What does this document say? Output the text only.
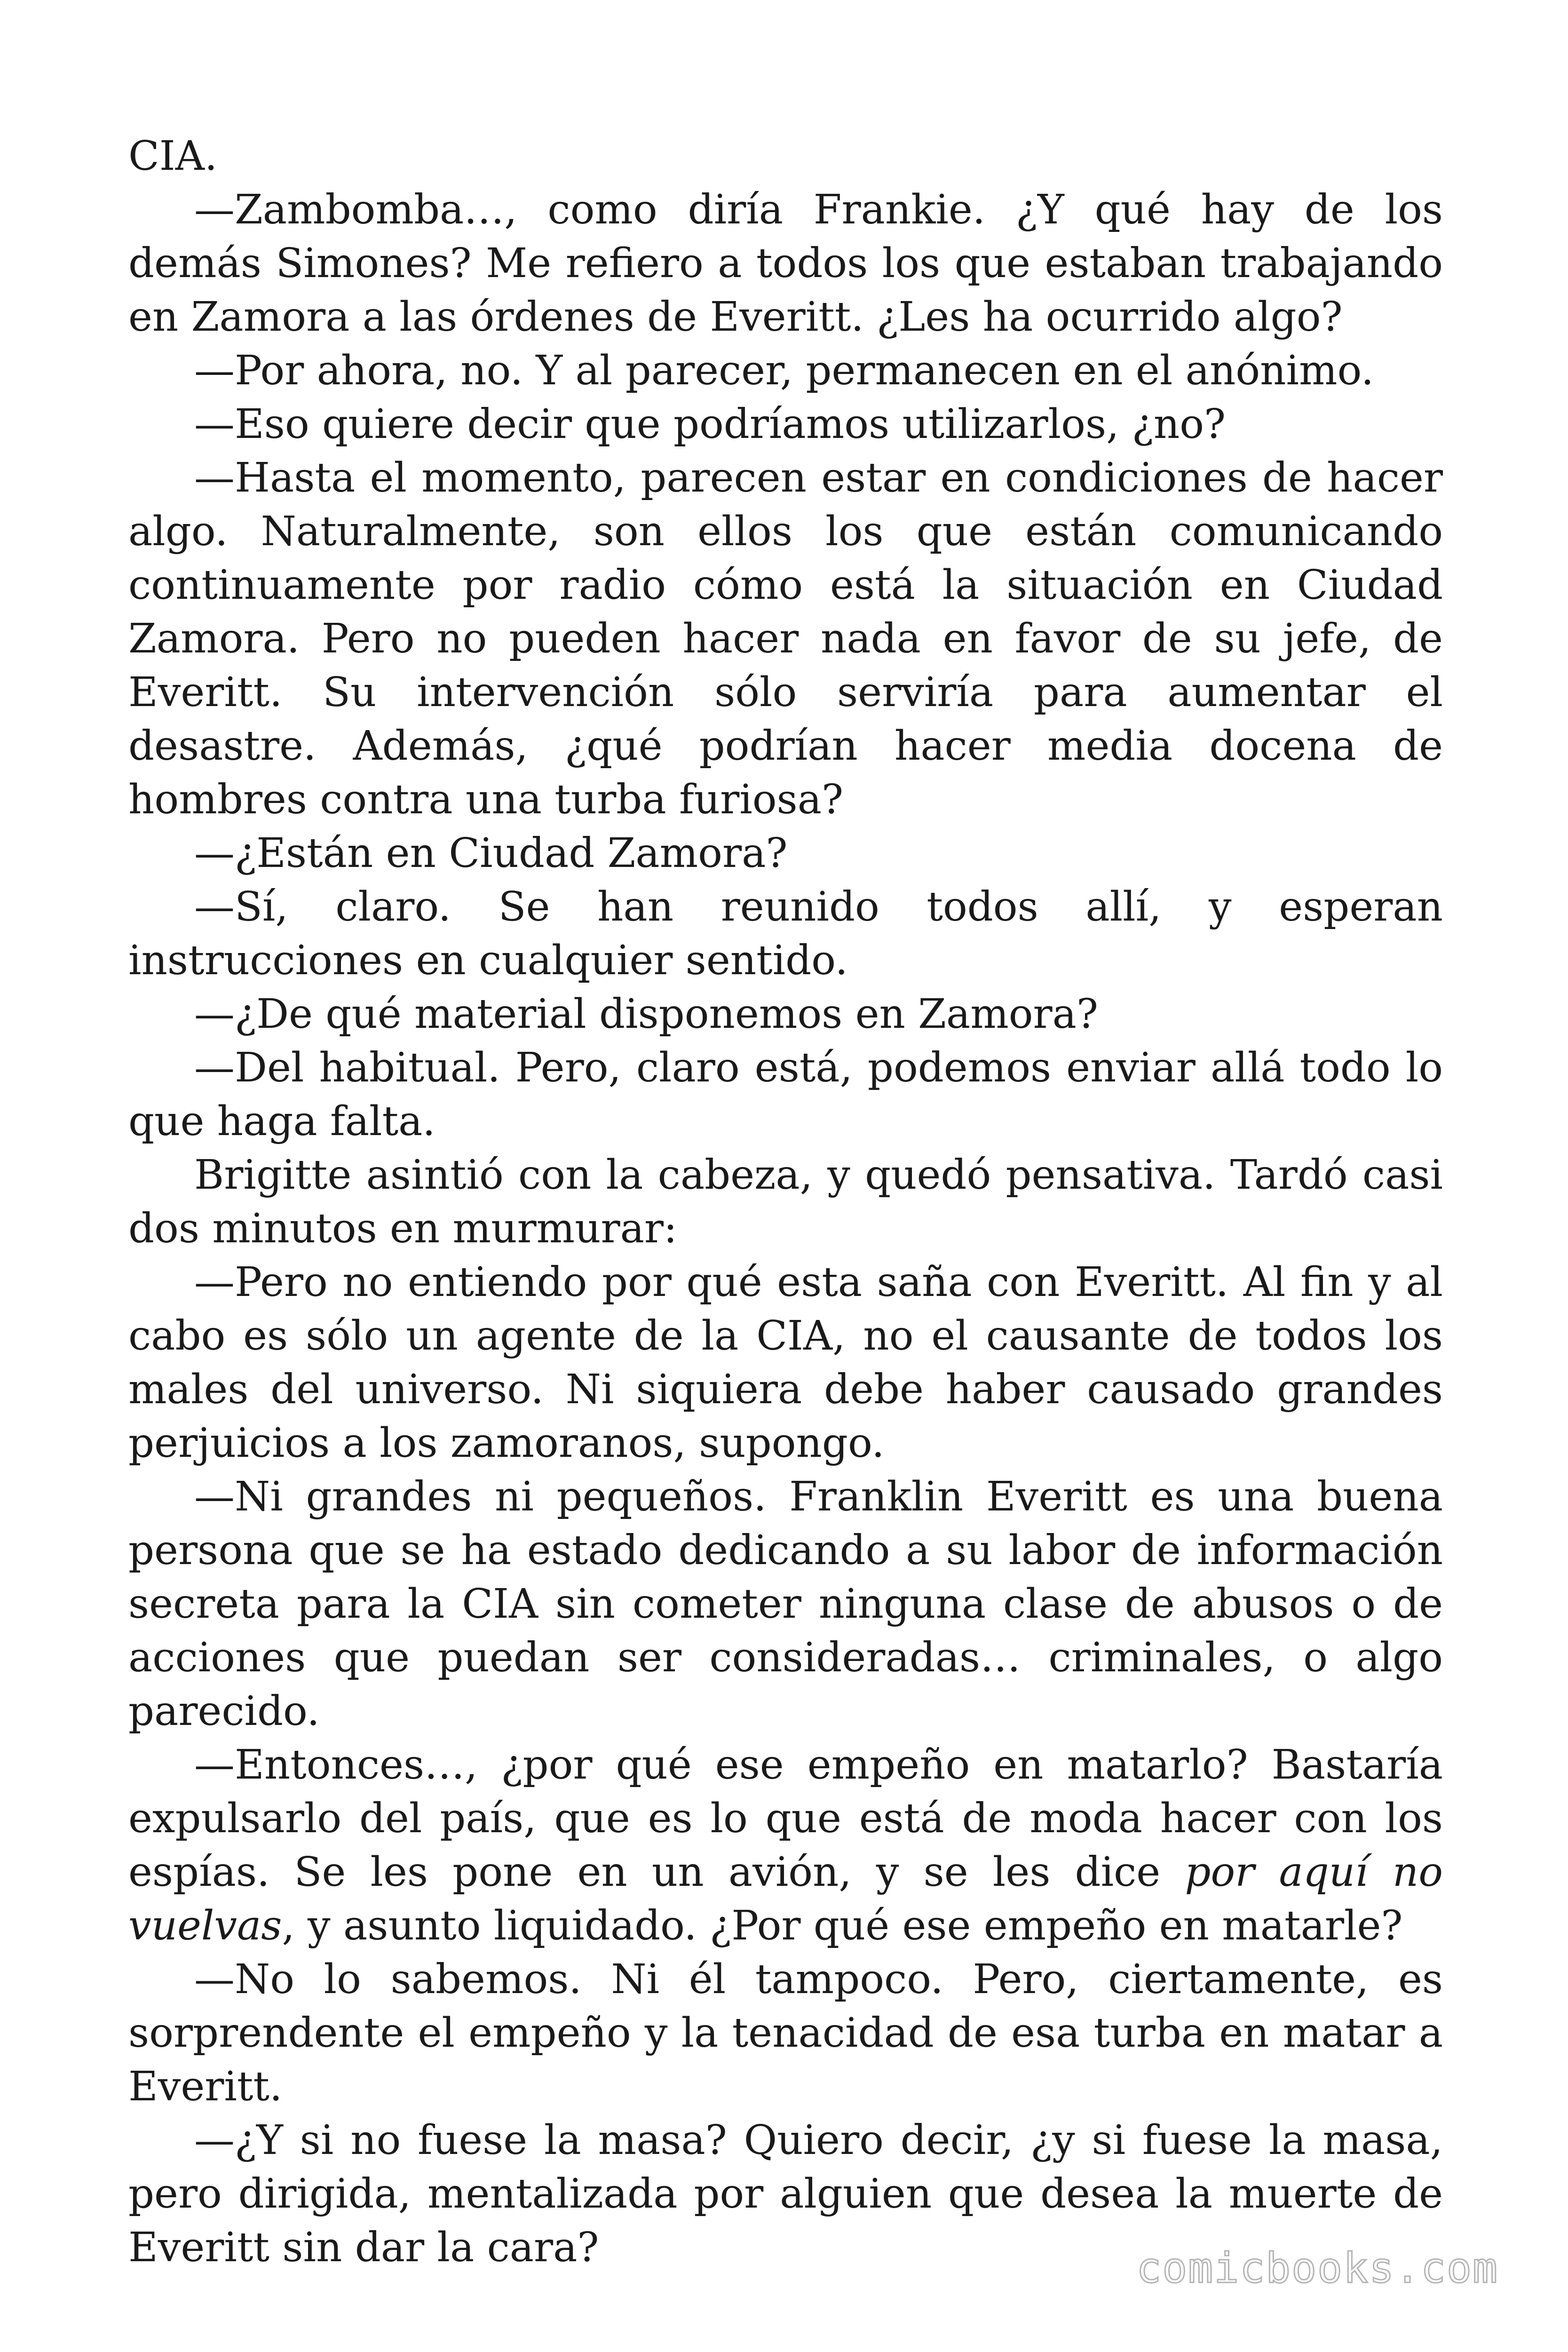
CIA.

—Zambomba…, como diría Frankie. ¿Y qué hay de los demás Simones? Me refiero a todos los que estaban trabajando en Zamora a las órdenes de Everitt. ¿Les ha ocurrido algo?

—Por ahora, no. Y al parecer, permanecen en el anónimo.

—Eso quiere decir que podríamos utilizarlos, ¿no?

—Hasta el momento, parecen estar en condiciones de hacer algo. Naturalmente, son ellos los que están comunicando continuamente por radio cómo está la situación en Ciudad Zamora. Pero no pueden hacer nada en favor de su jefe, de Everitt. Su intervención sólo serviría para aumentar el desastre. Además, ¿qué podrían hacer media docena de hombres contra una turba furiosa?

—¿Están en Ciudad Zamora?

—Sí, claro. Se han reunido todos allí, y esperan instrucciones en cualquier sentido.

—¿De qué material disponemos en Zamora?

—Del habitual. Pero, claro está, podemos enviar allá todo lo que haga falta.

Brigitte asintió con la cabeza, y quedó pensativa. Tardó casi dos minutos en murmurar:

—Pero no entiendo por qué esta saña con Everitt. Al fin y al cabo es sólo un agente de la CIA, no el causante de todos los males del universo. Ni siquiera debe haber causado grandes perjuicios a los zamoranos, supongo.

—Ni grandes ni pequeños. Franklin Everitt es una buena persona que se ha estado dedicando a su labor de información secreta para la CIA sin cometer ninguna clase de abusos o de acciones que puedan ser consideradas… criminales, o algo parecido.

—Entonces…, ¿por qué ese empeño en matarlo? Bastaría expulsarlo del país, que es lo que está de moda hacer con los espías. Se les pone en un avión, y se les dice por aquí no vuelvas, y asunto liquidado. ¿Por qué ese empeño en matarle?

—No lo sabemos. Ni él tampoco. Pero, ciertamente, es sorprendente el empeño y la tenacidad de esa turba en matar a Everitt.

—¿Y si no fuese la masa? Quiero decir, ¿y si fuese la masa, pero dirigida, mentalizada por alguien que desea la muerte de Everitt sin dar la cara?	comicbooks.com
